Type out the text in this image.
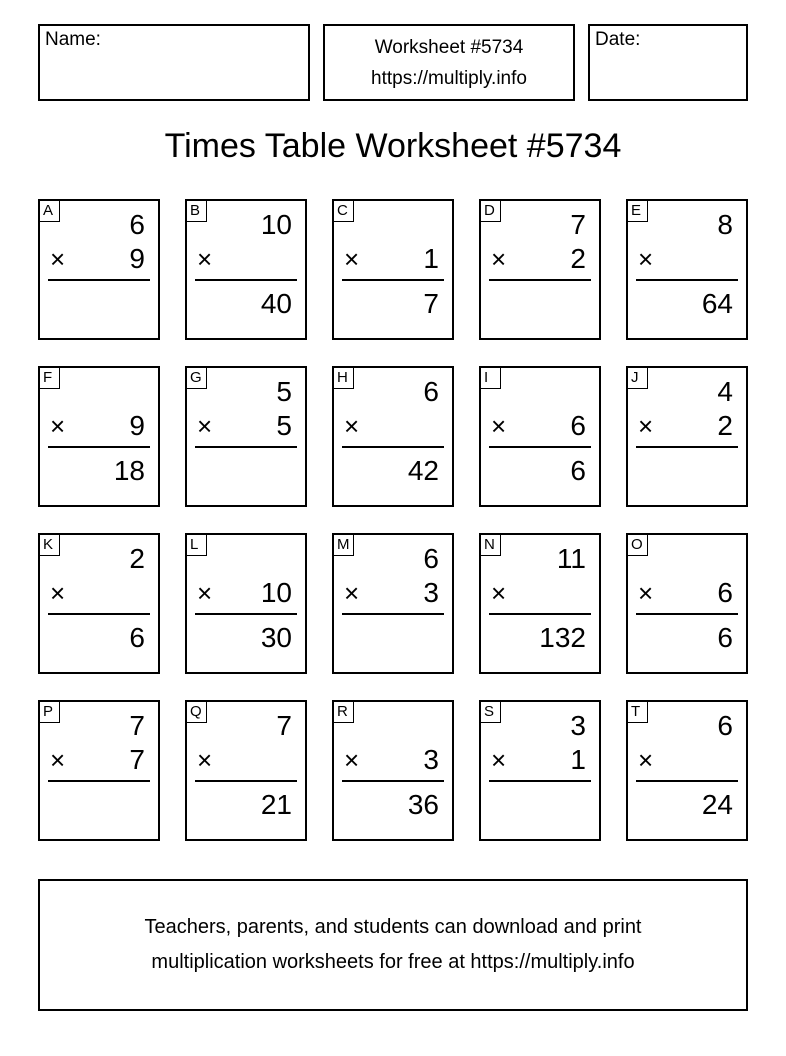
Name:	Worksheet #5734
https://multiply.info
Date:
Times Table Worksheet #5734
A	6
× 9
B 10
×
40
C
× 1
7
D	7
× 2
E	8
×
64
F
× 9
18
G	5
× 5
H	6
×
42
I
× 6
6
J	4
× 2
K	2
×
6
L
× 10
30
M	6
× 3
N 11
×
132
O
× 6
6
P	7
× 7
Q	7
×
21
R
× 3
36
S	3
× 1
T	6
×
24
Teachers, parents, and students can download and print
multiplication worksheets for free at https://multiply.info
